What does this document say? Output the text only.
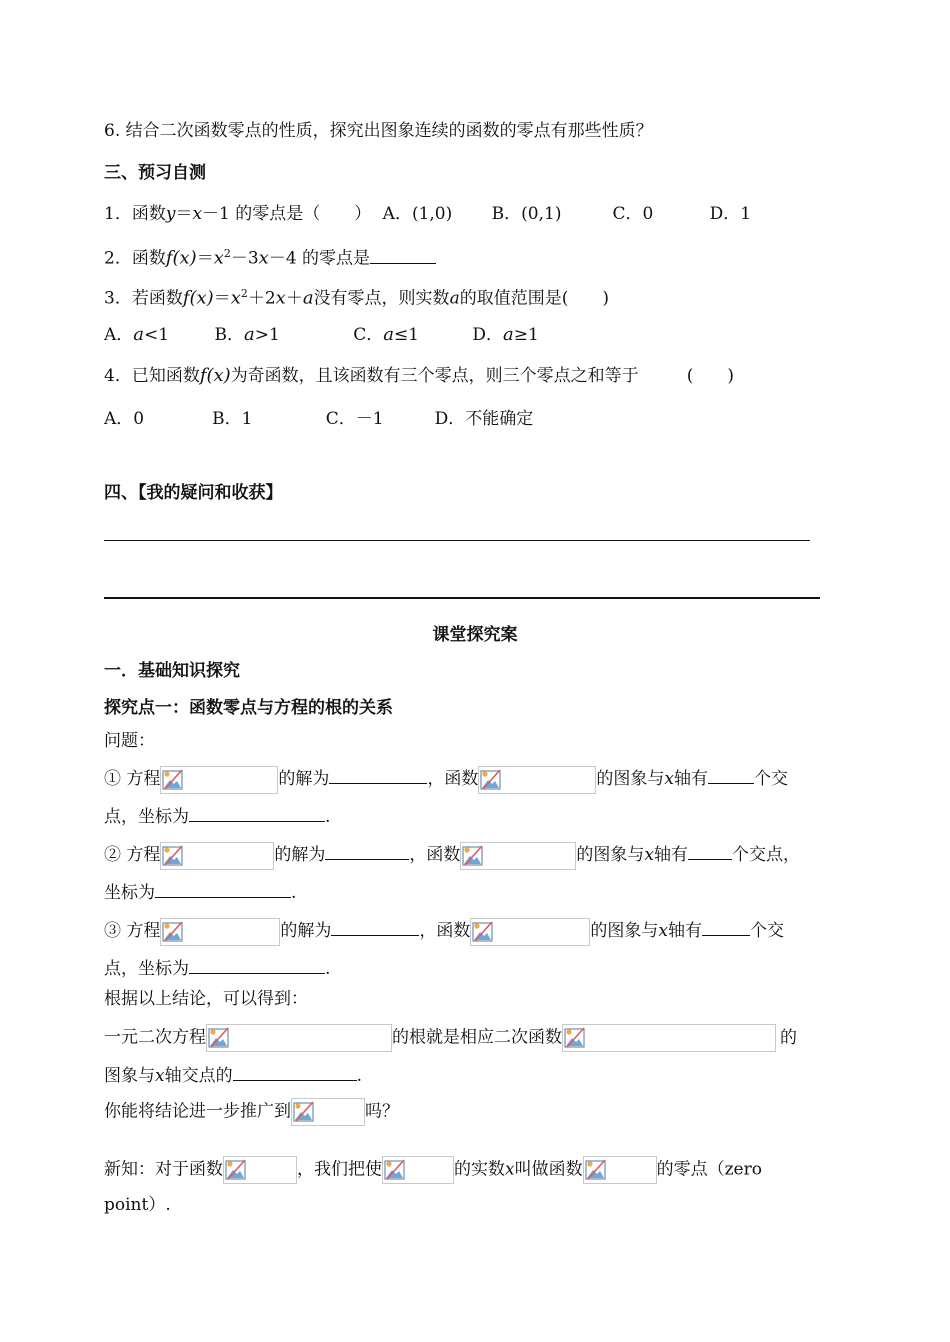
6. 结合二次函数零点的性质，探究出图象连续的函数的零点有那些性质？
三、预习自测
1．函数y＝x－1 的零点是（　　） A．(1,0)　　 B．(0,1)　　　C．0　　　 D．1
2．函数$f(x)=x^2-3x-4$ 的零点是
3．若函数$f(x)=x^2+2x+a$没有零点，则实数a的取值范围是(　　)
A．a<1	B．a>1	C．a≤1	D．a≥1
4．已知函数f(x)为奇函数，且该函数有三个零点，则三个零点之和等于	(　　)
A．0　　　　B．1　　　　 C．－1　　　D．不能确定
四、【我的疑问和收获】
课堂探究案
一．基础知识探究
探究点一：函数零点与方程的根的关系
问题：
① 方程	的解为	，函数	的图象与x轴有	个交
点，坐标为	.
② 方程	的解为	，函数	的图象与x轴有	个交点，
坐标为	.
③ 方程	的解为	，函数	的图象与x轴有	个交
点，坐标为	.
根据以上结论，可以得到：
一元二次方程	的根就是相应二次函数	的
图象与x轴交点的	.
你能将结论进一步推广到	吗？
新知：对于函数	，我们把使	的实数x叫做函数	的零点（zero
point）.
